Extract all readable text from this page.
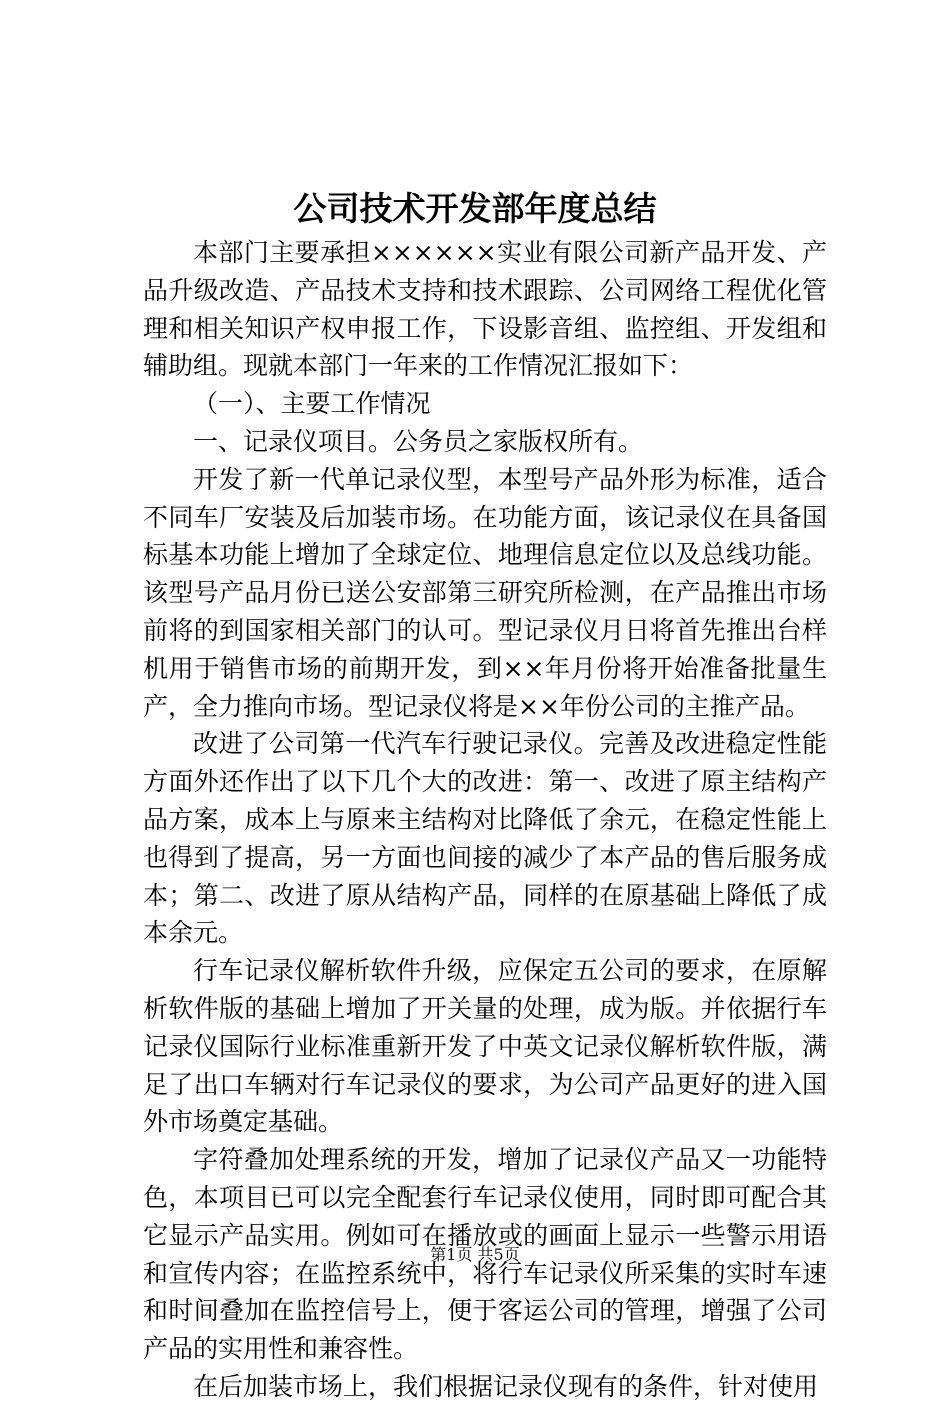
公司技术开发部年度总结

本部门主要承担××××××实业有限公司新产品开发、产品升级改造、产品技术支持和技术跟踪、公司网络工程优化管理和相关知识产权申报工作，下设影音组、监控组、开发组和辅助组。现就本部门一年来的工作情况汇报如下：

（一）、主要工作情况

一、记录仪项目。公务员之家版权所有。

开发了新一代单记录仪型，本型号产品外形为标准，适合不同车厂安装及后加装市场。在功能方面，该记录仪在具备国标基本功能上增加了全球定位、地理信息定位以及总线功能。该型号产品月份已送公安部第三研究所检测，在产品推出市场前将的到国家相关部门的认可。型记录仪月日将首先推出台样机用于销售市场的前期开发，到××年月份将开始准备批量生产，全力推向市场。型记录仪将是××年份公司的主推产品。

改进了公司第一代汽车行驶记录仪。完善及改进稳定性能方面外还作出了以下几个大的改进：第一、改进了原主结构产品方案，成本上与原来主结构对比降低了余元，在稳定性能上也得到了提高，另一方面也间接的减少了本产品的售后服务成本；第二、改进了原从结构产品，同样的在原基础上降低了成本余元。

行车记录仪解析软件升级，应保定五公司的要求，在原解析软件版的基础上增加了开关量的处理，成为版。并依据行车记录仪国际行业标准重新开发了中英文记录仪解析软件版，满足了出口车辆对行车记录仪的要求，为公司产品更好的进入国外市场奠定基础。

字符叠加处理系统的开发，增加了记录仪产品又一功能特色，本项目已可以完全配套行车记录仪使用，同时即可配合其它显示产品实用。例如可在播放或的画面上显示一些警示用语和宣传内容；在监控系统中，将行车记录仪所采集的实时车速和时间叠加在监控信号上，便于客运公司的管理，增强了公司产品的实用性和兼容性。

在后加装市场上，我们根据记录仪现有的条件，针对使用

第1页 共5页
